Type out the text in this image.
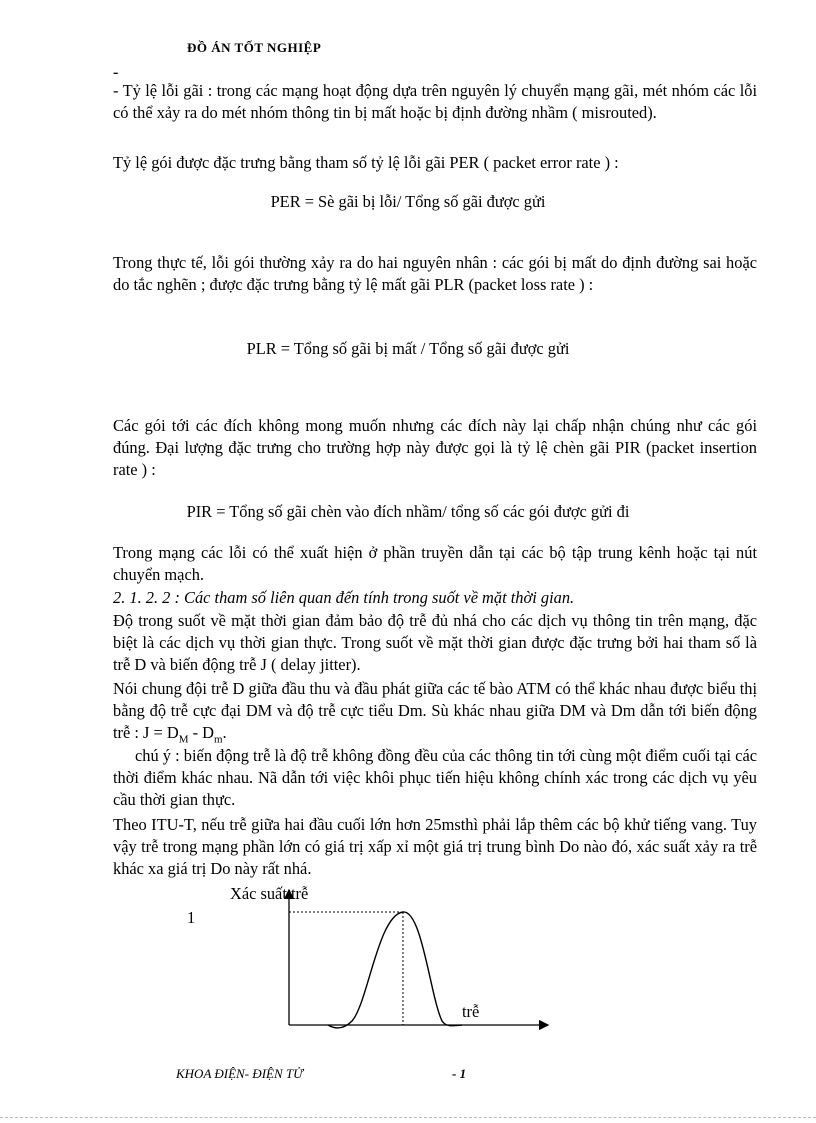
ĐỒ ÁN TỐT NGHIỆP
-
- Tỷ lệ lỗi gãi : trong các mạng hoạt động dựa trên nguyên lý chuyển mạng gãi, mét nhóm các lỗi có thể xảy ra do mét nhóm thông tin bị mất hoặc bị định đường nhầm ( misrouted).
Tỷ lệ gói được đặc trưng bằng tham số tỷ lệ lỗi gãi PER ( packet error rate ) :
PER = Sè gãi bị lỗi/ Tổng số gãi được gửi
Trong thực tế, lỗi gói thường xảy ra do hai nguyên nhân : các gói bị mất do định đường sai hoặc do tắc nghẽn ; được đặc trưng bằng tỷ lệ mất gãi PLR (packet loss rate ) :
PLR = Tổng số gãi bị mất / Tổng số gãi được gửi
Các gói tới các đích không mong muốn nhưng các đích này lại chấp nhận chúng như các gói đúng. Đại lượng đặc trưng cho trường hợp này được gọi là tỷ lệ chèn gãi PIR (packet insertion rate ) :
PIR = Tổng số gãi chèn vào đích nhầm/ tổng số các gói được gửi đi
Trong mạng các lỗi có thể xuất hiện ở phần truyền dẫn tại các bộ tập trung kênh hoặc tại nút chuyển mạch.
2. 1. 2. 2 : Các tham số liên quan đến tính trong suốt về mặt thời gian.
Độ trong suốt về mặt thời gian đảm bảo độ trễ đủ nhá cho các dịch vụ thông tin trên mạng, đặc biệt là các dịch vụ thời gian thực. Trong suốt về mặt thời gian được đặc trưng bởi hai tham số là trễ D và biến động trễ J ( delay jitter).
Nói chung đội trễ D giữa đầu thu và đầu phát giữa các tế bào ATM có thể khác nhau được biểu thị bằng độ trễ cực đại DM và độ trễ cực tiểu Dm. Sù khác nhau giữa DM và Dm dẫn tới biến động trễ : $J = D_M - D_m$.
chú ý : biến động trễ là độ trễ không đồng đều của các thông tin tới cùng một điểm cuối tại các thời điểm khác nhau. Nã dẫn tới việc khôi phục tiến hiệu không chính xác trong các dịch vụ yêu cầu thời gian thực.
Theo ITU-T, nếu trễ giữa hai đầu cuối lớn hơn 25msthì phải lắp thêm các bộ khử tiếng vang. Tuy vậy trễ trong mạng phần lớn có giá trị xấp xỉ một giá trị trung bình Do nào đó, xác suất xảy ra trễ khác xa giá trị Do này rất nhá.
Xác suất trễ
1
trễ
KHOA ĐIỆN- ĐIỆN TỬ	- 1
